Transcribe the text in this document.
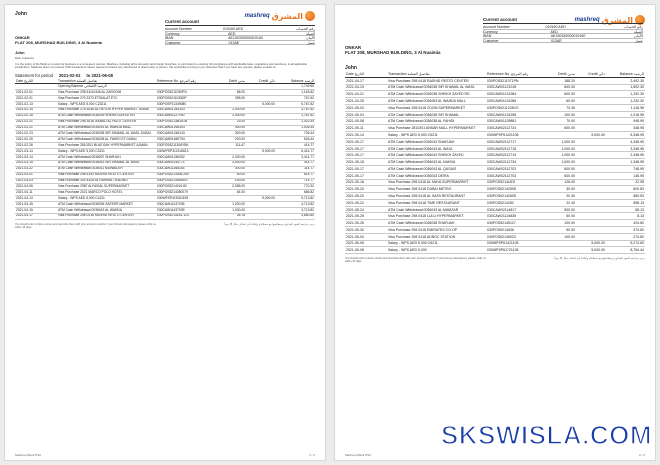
John	mashreq المشرق
Current account
Account Number	019160 AED	رقم الحساب
Currency	AED	العملة
IBAN	AE150330000019160	الآيبان
Customer	013AE	عميل
ONKAR
FLAT 208, MURSHAD BUILDING, 3 Al Nuaimia
John
Dear Customer,
It is the policy of the Bank to conduct its business in a competent manner. Mashreq, including all its domestic and foreign branches, is committed to ensuring full compliance with applicable laws, regulations and sanctions, in all applicable jurisdictions. Mashreq does not process USD transactions where payment involves any sanctioned or listed entity or person. We would like to bring to your attention that if you have any queries, please contact us.
Statement for period 2021-02-01 to 2021-06-08
Date التاريخ	Transaction تفاصيل العملية	Reference No. رقم المرجع	Debit مدين	Credit دائن	Balance الرصيد
	Opening Balance الرصيد الافتتاحي				1,749.65
2021-02-01	Visa Purchase 298 51110446 AL ZAROONI	030POS5211030PN	86.00		1,163.82
2021-02-01	Visa Purchase 270 3373 ETISALAT ETC	030POS5211035DP	395.00		767.62
2021-02-13	Salary - WPS AED 5,000 C23211	030POSP11349080		5,000.00	5,767.82
2021-02-14	Visa Purchase 278 3048 AL HEYDR HYPER MARKET DUBAI	030CAW01344103	2,000.00		3,767.62
2021-02-15	ATM Cash Withdrawal 0036039 SHEIKH ZAYED RD	030CAW01127930	2,000.00		1,767.62
2021-02-21	Visa Purchase 298 3018 3008AD AL HOOT CENTER	030POS5213802GN	23.00		1,422.44
2021-02-21	ATM Cash Withdrawal 0036091 AL WAHDA MALL	030CAW01264303	400.00		1,026.44
2021-02-23	ATM Cash Withdrawal 0036038 SIR SHAMAL AL WASL DUBAI	030CAW01046143	300.00		726.44
2021-02-25	ATM Cash Withdrawal 0036038 AL FAHIDI ST DUBAI	030CAW01660794	200.00		526.44
2021-02-26	Visa Purchase 2810201 BLUE BAY HYPERMARKET AJMAN	030POS5211306YBK	111.67		414.77
2021-03-14	Salary - WPS AED 5,000 C3211	030WPSP312116613		5,000.00	5,414.77
2021-03-14	ATM Cash Withdrawal 0036097 SHARJAH	030CAW01040052	2,000.00		3,414.77
2021-03-15	ATM Cash Withdrawal 0036043 SIR SHAMAL AL WASL	030CAW01144773	3,000.00		414.77
2021-03-22	ATM Cash Withdrawal 0036011 MUWAILEH	030CAW11266153	300.00		114.77
2021-04-01	Visa Purchase 298 5193 RASHID RESTO CENTER	030POS5213306.250	50.00		814.77
2021-04-03	Visa Purchase 200 4328 AL RAHIMA TRADING	030POS5213935401	100.00		714.77
2021-04-06	Visa Purchase 2987 ALFAISAL SUPERMARKET	030POS5214016.82	2,085.00		770.32
2021-04-11	Visa Purchase 2021 MARCO POLO HOTEL	030POS5214080079	84.00		686.82
2021-04-14	Salary - WPS AED 5,000 C4211	030WPSP415311155		5,000.00	5,713.82
2021-04-15	ATM Cash Withdrawal 0036036 SAFEER MARKET	030CAW11437006	1,000.00		4,713.82
2021-04-15	ATM Cash Withdrawal 0036043 AL WAHDA	030CAW11437009	1,000.00		3,713.82
2021-04-17	Visa Purchase 298 0418 RASHID RESTO CENTER	030POS5214181.123	35.78		3,680.80

You should refer to these entries and reconcile them with your account records; if you find any discrepancy please notify us within 15 days.

يرجى مراجعة القيود المذكورة ومطابقتها مع سجلاتكم وإبلاغنا بأي اختلاف خلال 15 يوماً

Mashreq Bank PSC	1 / 2
mashreq المشرق
Current account
Account Number	019160 AED	رقم الحساب
Currency	AED	العملة
IBAN	AE150330000019160	الآيبان
Customer	013AE	عميل
ONKAR
FLAT 208, MURSHAD BUILDING, 3 Al Nuaimia
John
Date التاريخ	Transaction تفاصيل العملية	Reference No. رقم المرجع	Debit مدين	Credit دائن	Balance الرصيد
2021-04-17	Visa Purchase 298 0418 RASHID RESTO CENTER	030POS5211071PN	188.20		2,492.30
2021-04-19	ATM Cash Withdrawal 0036038 SIR SHAMAL AL WASL	030CAW01121018	600.00		1,892.30
2021-04-21	ATM Cash Withdrawal 0036038 SHEIKH ZAYED RD	030CAW01131084	600.00		1,292.30
2021-04-25	ATM Cash Withdrawal 0036063 AL WAHDA MALL	030CAW01131085	60.00		1,232.30
2021-05-02	Visa Purchase 298 0418 ZOOM SUPERMARKET	030POS5211228CS	73.35		1,118.95
2021-05-04	ATM Cash Withdrawal 0036038 SIR SHAMAL	030CAW01124258	100.00		1,018.95
2021-05-08	ATM Cash Withdrawal 0036038 AL FAHIDI	030CAW01129881	70.00		948.95
2021-05-11	Visa Purchase 2810201 ANSAR MALL HYPERMARKET	030CAW02112724	600.00		348.95
2021-05-14	Salary - WPS AED 5,000 C5211	030WPSP51421105		5,000.00	5,348.95
2021-05-17	ATM Cash Withdrawal 0036043 SHARJAH	030CAW02112717	1,000.00		4,348.95
2021-05-17	ATM Cash Withdrawal 0036043 AL WASL	030CAW02112718	1,000.00		3,348.95
2021-05-17	ATM Cash Withdrawal 0036043 SHEIKH ZAYED	030CAW02112719	1,000.00		2,348.95
2021-05-18	ATM Cash Withdrawal 0036043 AL NAHDA	030CAW02112734	1,000.00		1,348.95
2021-05-17	ATM Cash Withdrawal 0036043 AL QUSAIS	030CAW02112702	600.00		748.95
2021-05-17	ATM Cash Withdrawal 0036043 DEIRA	030CAW02112703	600.00		148.95
2021-05-18	Visa Purchase 298 0418 AL MAYA SUPERMARKET	030POS5214UES	126.00		22.95
2021-05-20	Visa Purchase 298 0418 DUBAI METRO	030POS5214250S	30.00		600.83
2021-05-20	Visa Purchase 298 0418 AL SAFA RESTAURANT	030POS5214260S	20.30		580.53
2021-05-22	Visa Purchase 298 0418 TIME RESTAURANT	030POS5214282	22.40		558.13
2021-05-24	ATM Cash Withdrawal 0036043 AL MAMZAR	030CAW02114817	500.00		58.13
2021-05-25	Visa Purchase 298 0418 LULU HYPERMARKET	030CAW21124835	50.00		8.13
2021-05-28	ATM Cash Withdrawal 0036038 SHARJAH	030POS52145127	100.00		424.60
2021-05-30	Visa Purchase 298 0418 EMIRATES CO-OP	030POS5214536	50.00		374.60
2021-06-02	Visa Purchase 298 0418 ADNOC STATION	030POS52146023	100.00		274.60
2021-06-06	Salary - WPS AED 5,000 C6211	030WPSP61421105		5,000.00	5,274.60
2021-06-08	Salary - WPS AED 5,000	030WPSP61721105		5,000.00	8,754.44

You should refer to these entries and reconcile them with your account records; if you find any discrepancy please notify us within 15 days.

يرجى مراجعة القيود المذكورة ومطابقتها مع سجلاتكم وإبلاغنا بأي اختلاف خلال 15 يوماً

Mashreq Bank PSC	2 / 2
SKSWISLA.COM
